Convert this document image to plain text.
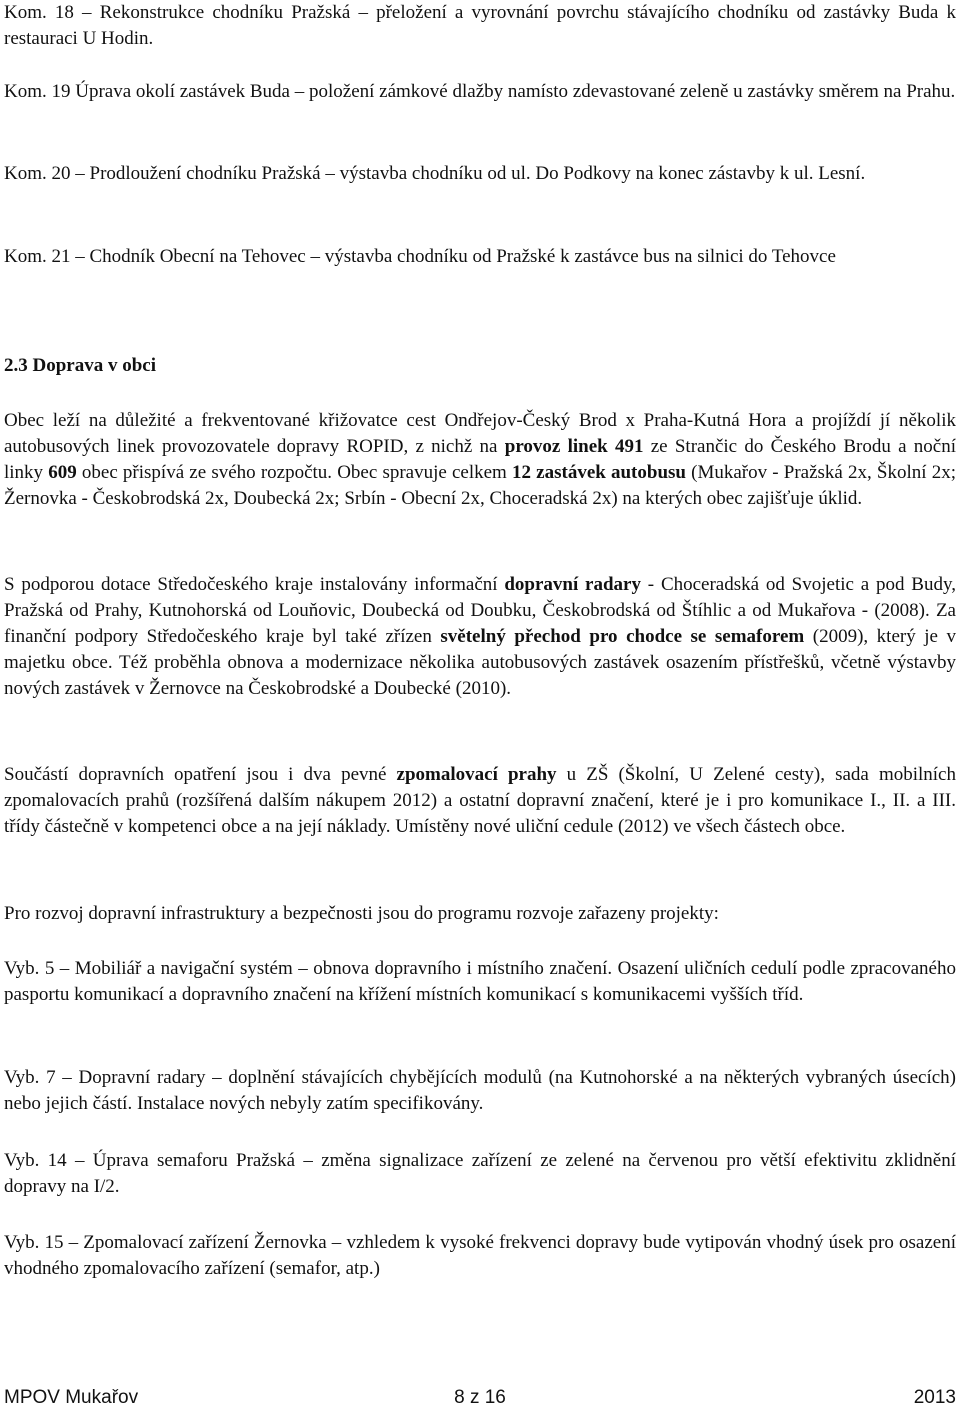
Kom. 18 – Rekonstrukce chodníku Pražská – přeložení a vyrovnání povrchu stávajícího chodníku od zastávky Buda k restauraci U Hodin.

Kom. 19 Úprava okolí zastávek Buda – položení zámkové dlažby namísto zdevastované zeleně u zastávky směrem na Prahu.

Kom. 20 – Prodloužení chodníku Pražská – výstavba chodníku od ul. Do Podkovy na konec zástavby k ul. Lesní.

Kom. 21 – Chodník Obecní na Tehovec – výstavba chodníku od Pražské k zastávce bus na silnici do Tehovce

2.3 Doprava v obci

Obec leží na důležité a frekventované křižovatce cest Ondřejov-Český Brod x Praha-Kutná Hora a projíždí jí několik autobusových linek provozovatele dopravy ROPID, z nichž na provoz linek 491 ze Strančic do Českého Brodu a noční linky 609 obec přispívá ze svého rozpočtu. Obec spravuje celkem 12 zastávek autobusu (Mukařov - Pražská 2x, Školní 2x; Žernovka - Českobrodská 2x, Doubecká 2x; Srbín - Obecní 2x, Choceradská 2x) na kterých obec zajišťuje úklid.

S podporou dotace Středočeského kraje instalovány informační dopravní radary - Choceradská od Svojetic a pod Budy, Pražská od Prahy, Kutnohorská od Louňovic, Doubecká od Doubku, Českobrodská od Štíhlic a od Mukařova - (2008). Za finanční podpory Středočeského kraje byl také zřízen světelný přechod pro chodce se semaforem (2009), který je v majetku obce. Též proběhla obnova a modernizace několika autobusových zastávek osazením přístřešků, včetně výstavby nových zastávek v Žernovce na Českobrodské a Doubecké (2010).

Součástí dopravních opatření jsou i dva pevné zpomalovací prahy u ZŠ (Školní, U Zelené cesty), sada mobilních zpomalovacích prahů (rozšířená dalším nákupem 2012) a ostatní dopravní značení, které je i pro komunikace I., II. a III. třídy částečně v kompetenci obce a na její náklady. Umístěny nové uliční cedule (2012) ve všech částech obce.

Pro rozvoj dopravní infrastruktury a bezpečnosti jsou do programu rozvoje zařazeny projekty:

Vyb. 5 – Mobiliář a navigační systém – obnova dopravního i místního značení. Osazení uličních cedulí podle zpracovaného pasportu komunikací a dopravního značení na křížení místních komunikací s komunikacemi vyšších tříd.

Vyb. 7 – Dopravní radary – doplnění stávajících chybějících modulů (na Kutnohorské a na některých vybraných úsecích) nebo jejich částí. Instalace nových nebyly zatím specifikovány.

Vyb. 14 – Úprava semaforu Pražská – změna signalizace zařízení ze zelené na červenou pro větší efektivitu zklidnění dopravy na I/2.

Vyb. 15 – Zpomalovací zařízení Žernovka – vzhledem k vysoké frekvenci dopravy bude vytipován vhodný úsek pro osazení vhodného zpomalovacího zařízení (semafor, atp.)

MPOV Mukařov	8 z 16	2013
